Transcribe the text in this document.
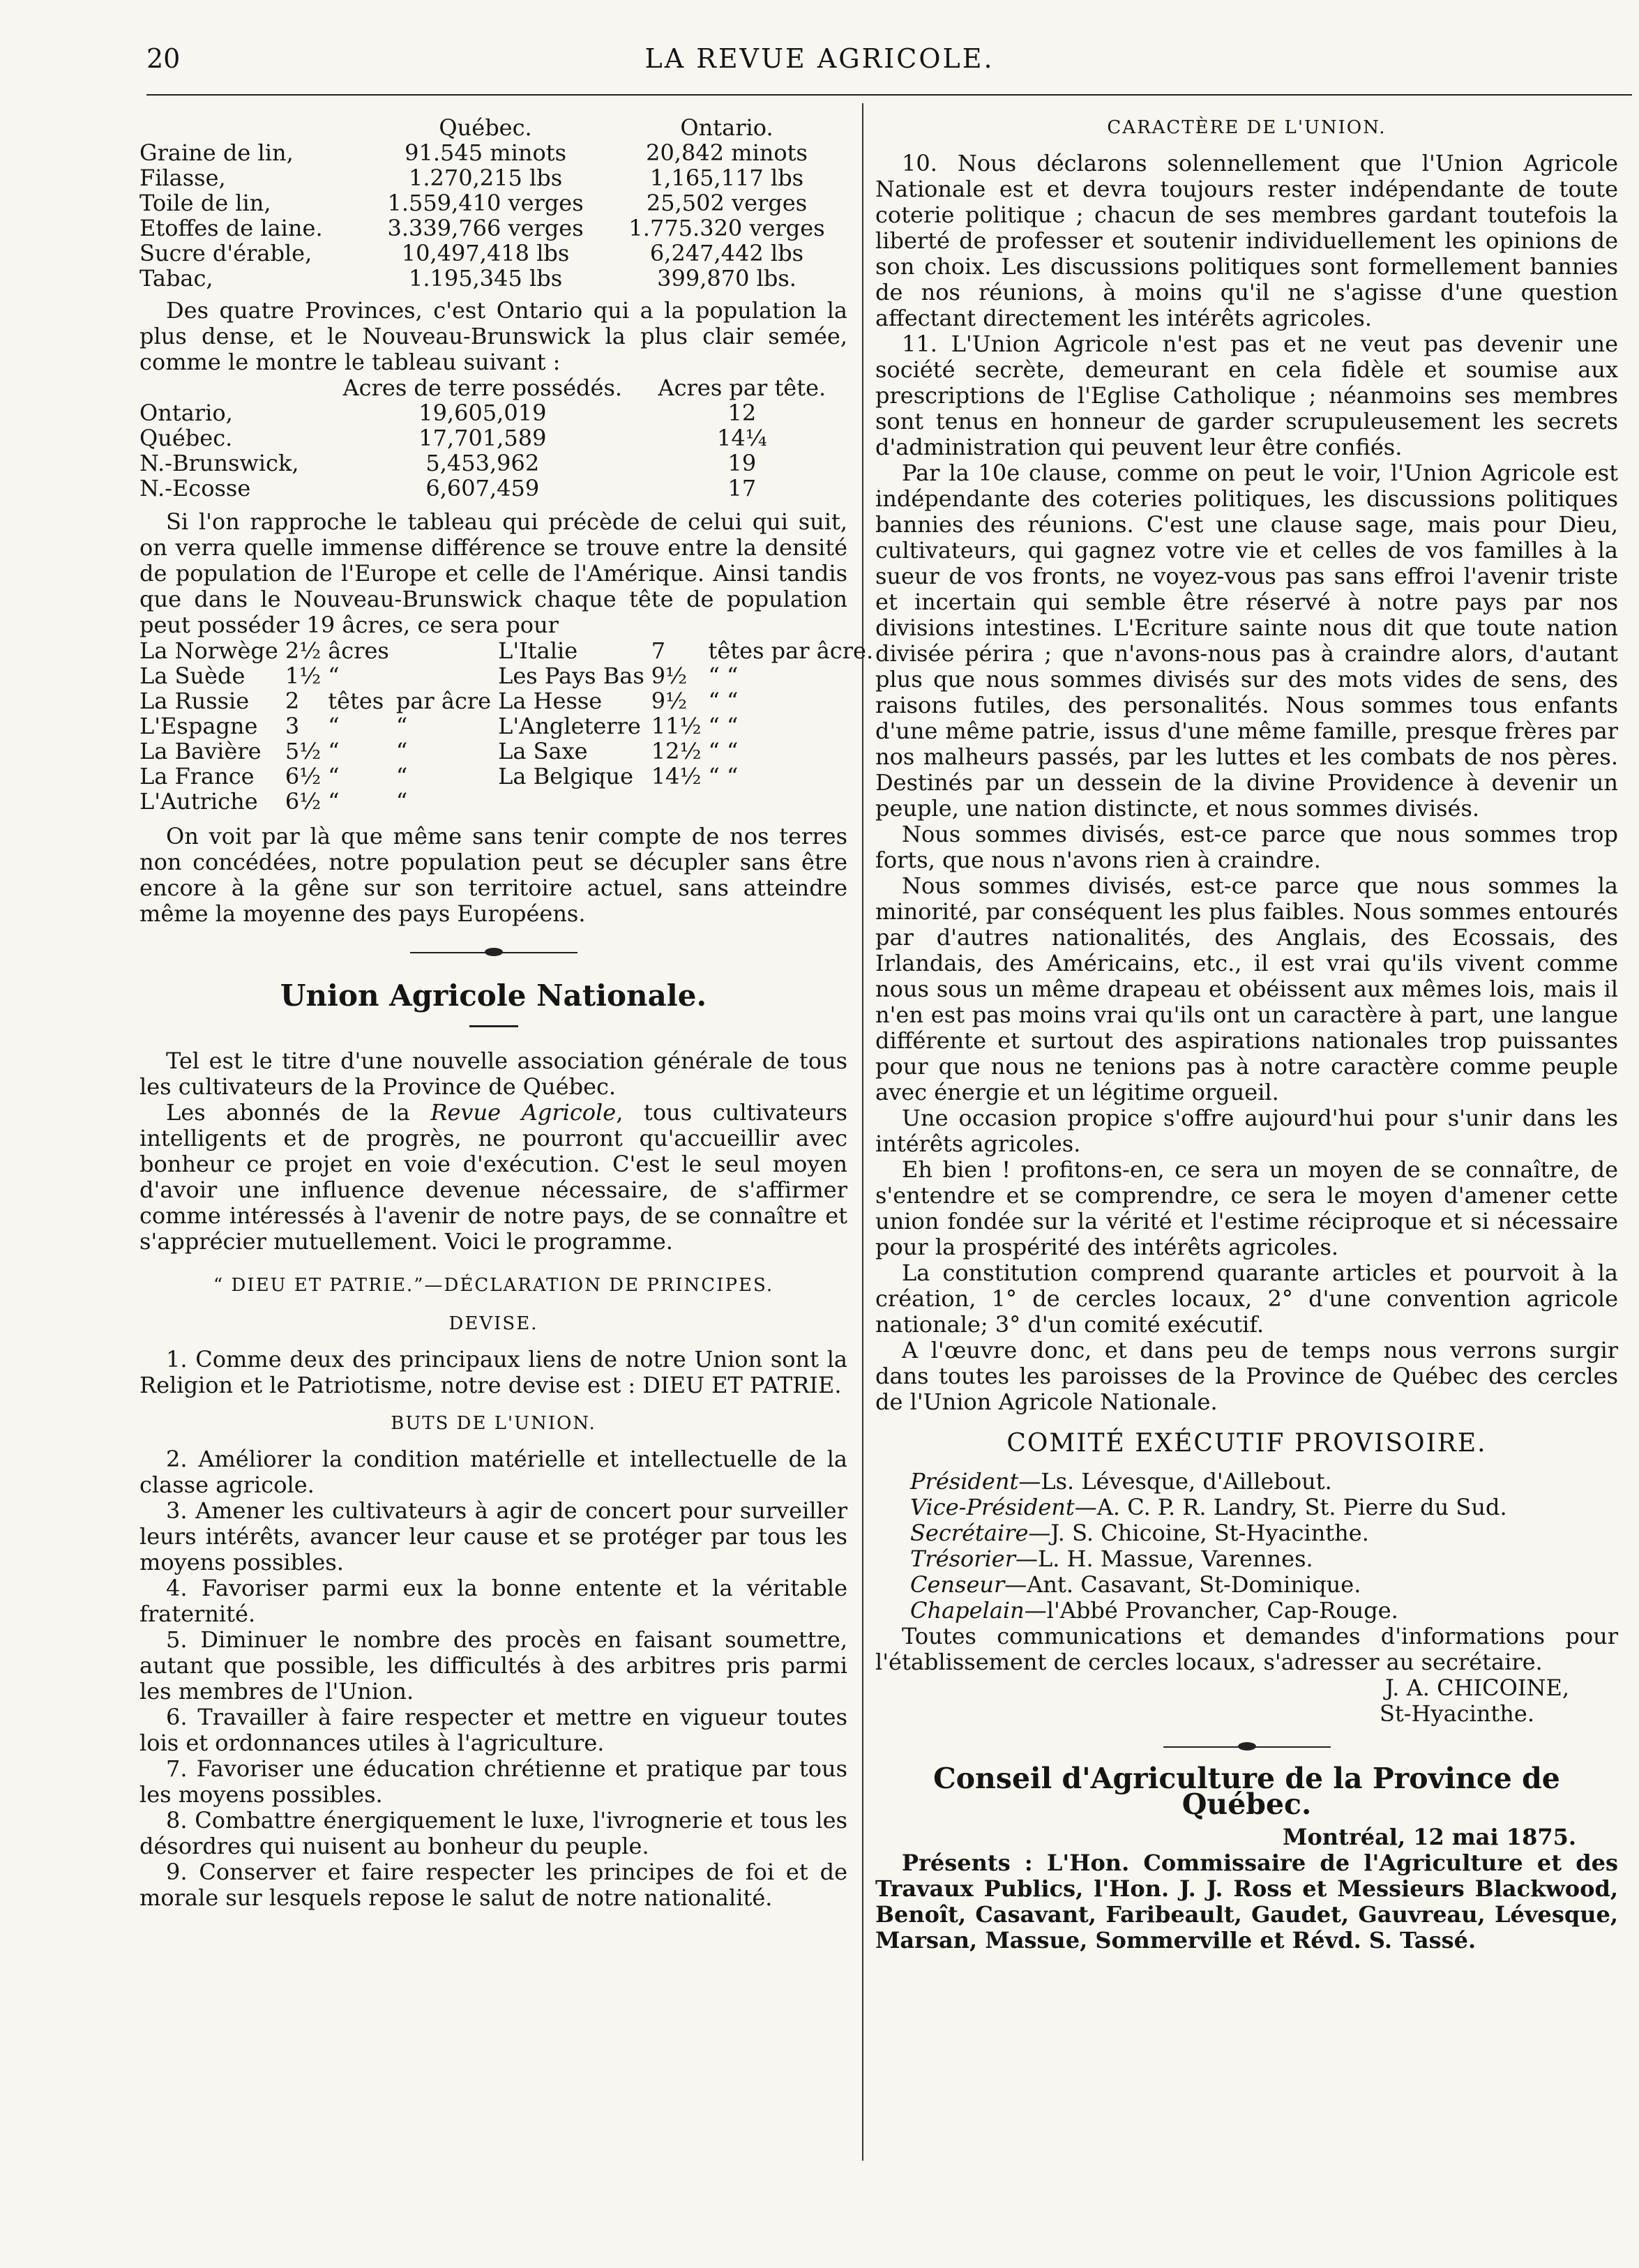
20	LA REVUE AGRICOLE.
	Québec.	Ontario.
Graine de lin,	91.545 minots	20,842 minots
Filasse,	1.270,215 lbs	1,165,117 lbs
Toile de lin,	1.559,410 verges	25,502 verges
Etoffes de laine.	3.339,766 verges	1.775.320 verges
Sucre d'érable,	10,497,418 lbs	6,247,442 lbs
Tabac,	1.195,345 lbs	399,870 lbs.

Des quatre Provinces, c'est Ontario qui a la population la plus dense, et le Nouveau-Brunswick la plus clair semée, comme le montre le tableau suivant :

	Acres de terre possédés.	Acres par tête.
Ontario,	19,605,019	12
Québec.	17,701,589	14¼
N.-Brunswick,	5,453,962	19
N.-Ecosse	6,607,459	17

Si l'on rapproche le tableau qui précède de celui qui suit, on verra quelle immense différence se trouve entre la densité de population de l'Europe et celle de l'Amérique. Ainsi tandis que dans le Nouveau-Brunswick chaque tête de population peut posséder 19 âcres, ce sera pour

La Norwège	2½	âcres		L'Italie	7	têtes par âcre.
La Suède	1½	“		Les Pays Bas	9½	“ “
La Russie	2	têtes	par âcre	La Hesse	9½	“ “
L'Espagne	3	“	“	L'Angleterre	11½	“ “
La Bavière	5½	“	“	La Saxe	12½	“ “
La France	6½	“	“	La Belgique	14½	“ “
L'Autriche	6½	“	“			

On voit par là que même sans tenir compte de nos terres non concédées, notre population peut se décupler sans être encore à la gêne sur son territoire actuel, sans atteindre même la moyenne des pays Européens.

Union Agricole Nationale.

Tel est le titre d'une nouvelle association générale de tous les cultivateurs de la Province de Québec.

Les abonnés de la Revue Agricole, tous cultivateurs intelligents et de progrès, ne pourront qu'accueillir avec bonheur ce projet en voie d'exécution. C'est le seul moyen d'avoir une influence devenue nécessaire, de s'affirmer comme intéressés à l'avenir de notre pays, de se connaître et s'apprécier mutuellement. Voici le programme.

“ DIEU ET PATRIE.”—DÉCLARATION DE PRINCIPES.
DEVISE.

1. Comme deux des principaux liens de notre Union sont la Religion et le Patriotisme, notre devise est : DIEU ET PATRIE.

BUTS DE L'UNION.

2. Améliorer la condition matérielle et intellectuelle de la classe agricole.

3. Amener les cultivateurs à agir de concert pour surveiller leurs intérêts, avancer leur cause et se protéger par tous les moyens possibles.

4. Favoriser parmi eux la bonne entente et la véritable fraternité.

5. Diminuer le nombre des procès en faisant soumettre, autant que possible, les difficultés à des arbitres pris parmi les membres de l'Union.

6. Travailler à faire respecter et mettre en vigueur toutes lois et ordonnances utiles à l'agriculture.

7. Favoriser une éducation chrétienne et pratique par tous les moyens possibles.

8. Combattre énergiquement le luxe, l'ivrognerie et tous les désordres qui nuisent au bonheur du peuple.

9. Conserver et faire respecter les principes de foi et de morale sur lesquels repose le salut de notre nationalité.

CARACTÈRE DE L'UNION.

10. Nous déclarons solennellement que l'Union Agricole Nationale est et devra toujours rester indépendante de toute coterie politique ; chacun de ses membres gardant toutefois la liberté de professer et soutenir individuellement les opinions de son choix. Les discussions politiques sont formellement bannies de nos réunions, à moins qu'il ne s'agisse d'une question affectant directement les intérêts agricoles.

11. L'Union Agricole n'est pas et ne veut pas devenir une société secrète, demeurant en cela fidèle et soumise aux prescriptions de l'Eglise Catholique ; néanmoins ses membres sont tenus en honneur de garder scrupuleusement les secrets d'administration qui peuvent leur être confiés.

Par la 10e clause, comme on peut le voir, l'Union Agricole est indépendante des coteries politiques, les discussions politiques bannies des réunions. C'est une clause sage, mais pour Dieu, cultivateurs, qui gagnez votre vie et celles de vos familles à la sueur de vos fronts, ne voyez-vous pas sans effroi l'avenir triste et incertain qui semble être réservé à notre pays par nos divisions intestines. L'Ecriture sainte nous dit que toute nation divisée périra ; que n'avons-nous pas à craindre alors, d'autant plus que nous sommes divisés sur des mots vides de sens, des raisons futiles, des personalités. Nous sommes tous enfants d'une même patrie, issus d'une même famille, presque frères par nos malheurs passés, par les luttes et les combats de nos pères. Destinés par un dessein de la divine Providence à devenir un peuple, une nation distincte, et nous sommes divisés.

Nous sommes divisés, est-ce parce que nous sommes trop forts, que nous n'avons rien à craindre.

Nous sommes divisés, est-ce parce que nous sommes la minorité, par conséquent les plus faibles. Nous sommes entourés par d'autres nationalités, des Anglais, des Ecossais, des Irlandais, des Américains, etc., il est vrai qu'ils vivent comme nous sous un même drapeau et obéissent aux mêmes lois, mais il n'en est pas moins vrai qu'ils ont un caractère à part, une langue différente et surtout des aspirations nationales trop puissantes pour que nous ne tenions pas à notre caractère comme peuple avec énergie et un légitime orgueil.

Une occasion propice s'offre aujourd'hui pour s'unir dans les intérêts agricoles.

Eh bien ! profitons-en, ce sera un moyen de se connaître, de s'entendre et se comprendre, ce sera le moyen d'amener cette union fondée sur la vérité et l'estime réciproque et si nécessaire pour la prospérité des intérêts agricoles.

La constitution comprend quarante articles et pourvoit à la création, 1° de cercles locaux, 2° d'une convention agricole nationale; 3° d'un comité exécutif.

A l'œuvre donc, et dans peu de temps nous verrons surgir dans toutes les paroisses de la Province de Québec des cercles de l'Union Agricole Nationale.

COMITÉ EXÉCUTIF PROVISOIRE.

Président—Ls. Lévesque, d'Aillebout.

Vice-Président—A. C. P. R. Landry, St. Pierre du Sud.

Secrétaire—J. S. Chicoine, St-Hyacinthe.

Trésorier—L. H. Massue, Varennes.

Censeur—Ant. Casavant, St-Dominique.

Chapelain—l'Abbé Provancher, Cap-Rouge.

Toutes communications et demandes d'informations pour l'établissement de cercles locaux, s'adresser au secrétaire.

J. A. CHICOINE,

St-Hyacinthe.

Conseil d'Agriculture de la Province de Québec.

Montréal, 12 mai 1875.

Présents : L'Hon. Commissaire de l'Agriculture et des Travaux Publics, l'Hon. J. J. Ross et Messieurs Blackwood, Benoît, Casavant, Faribeault, Gaudet, Gauvreau, Lévesque, Marsan, Massue, Sommerville et Révd. S. Tassé.
